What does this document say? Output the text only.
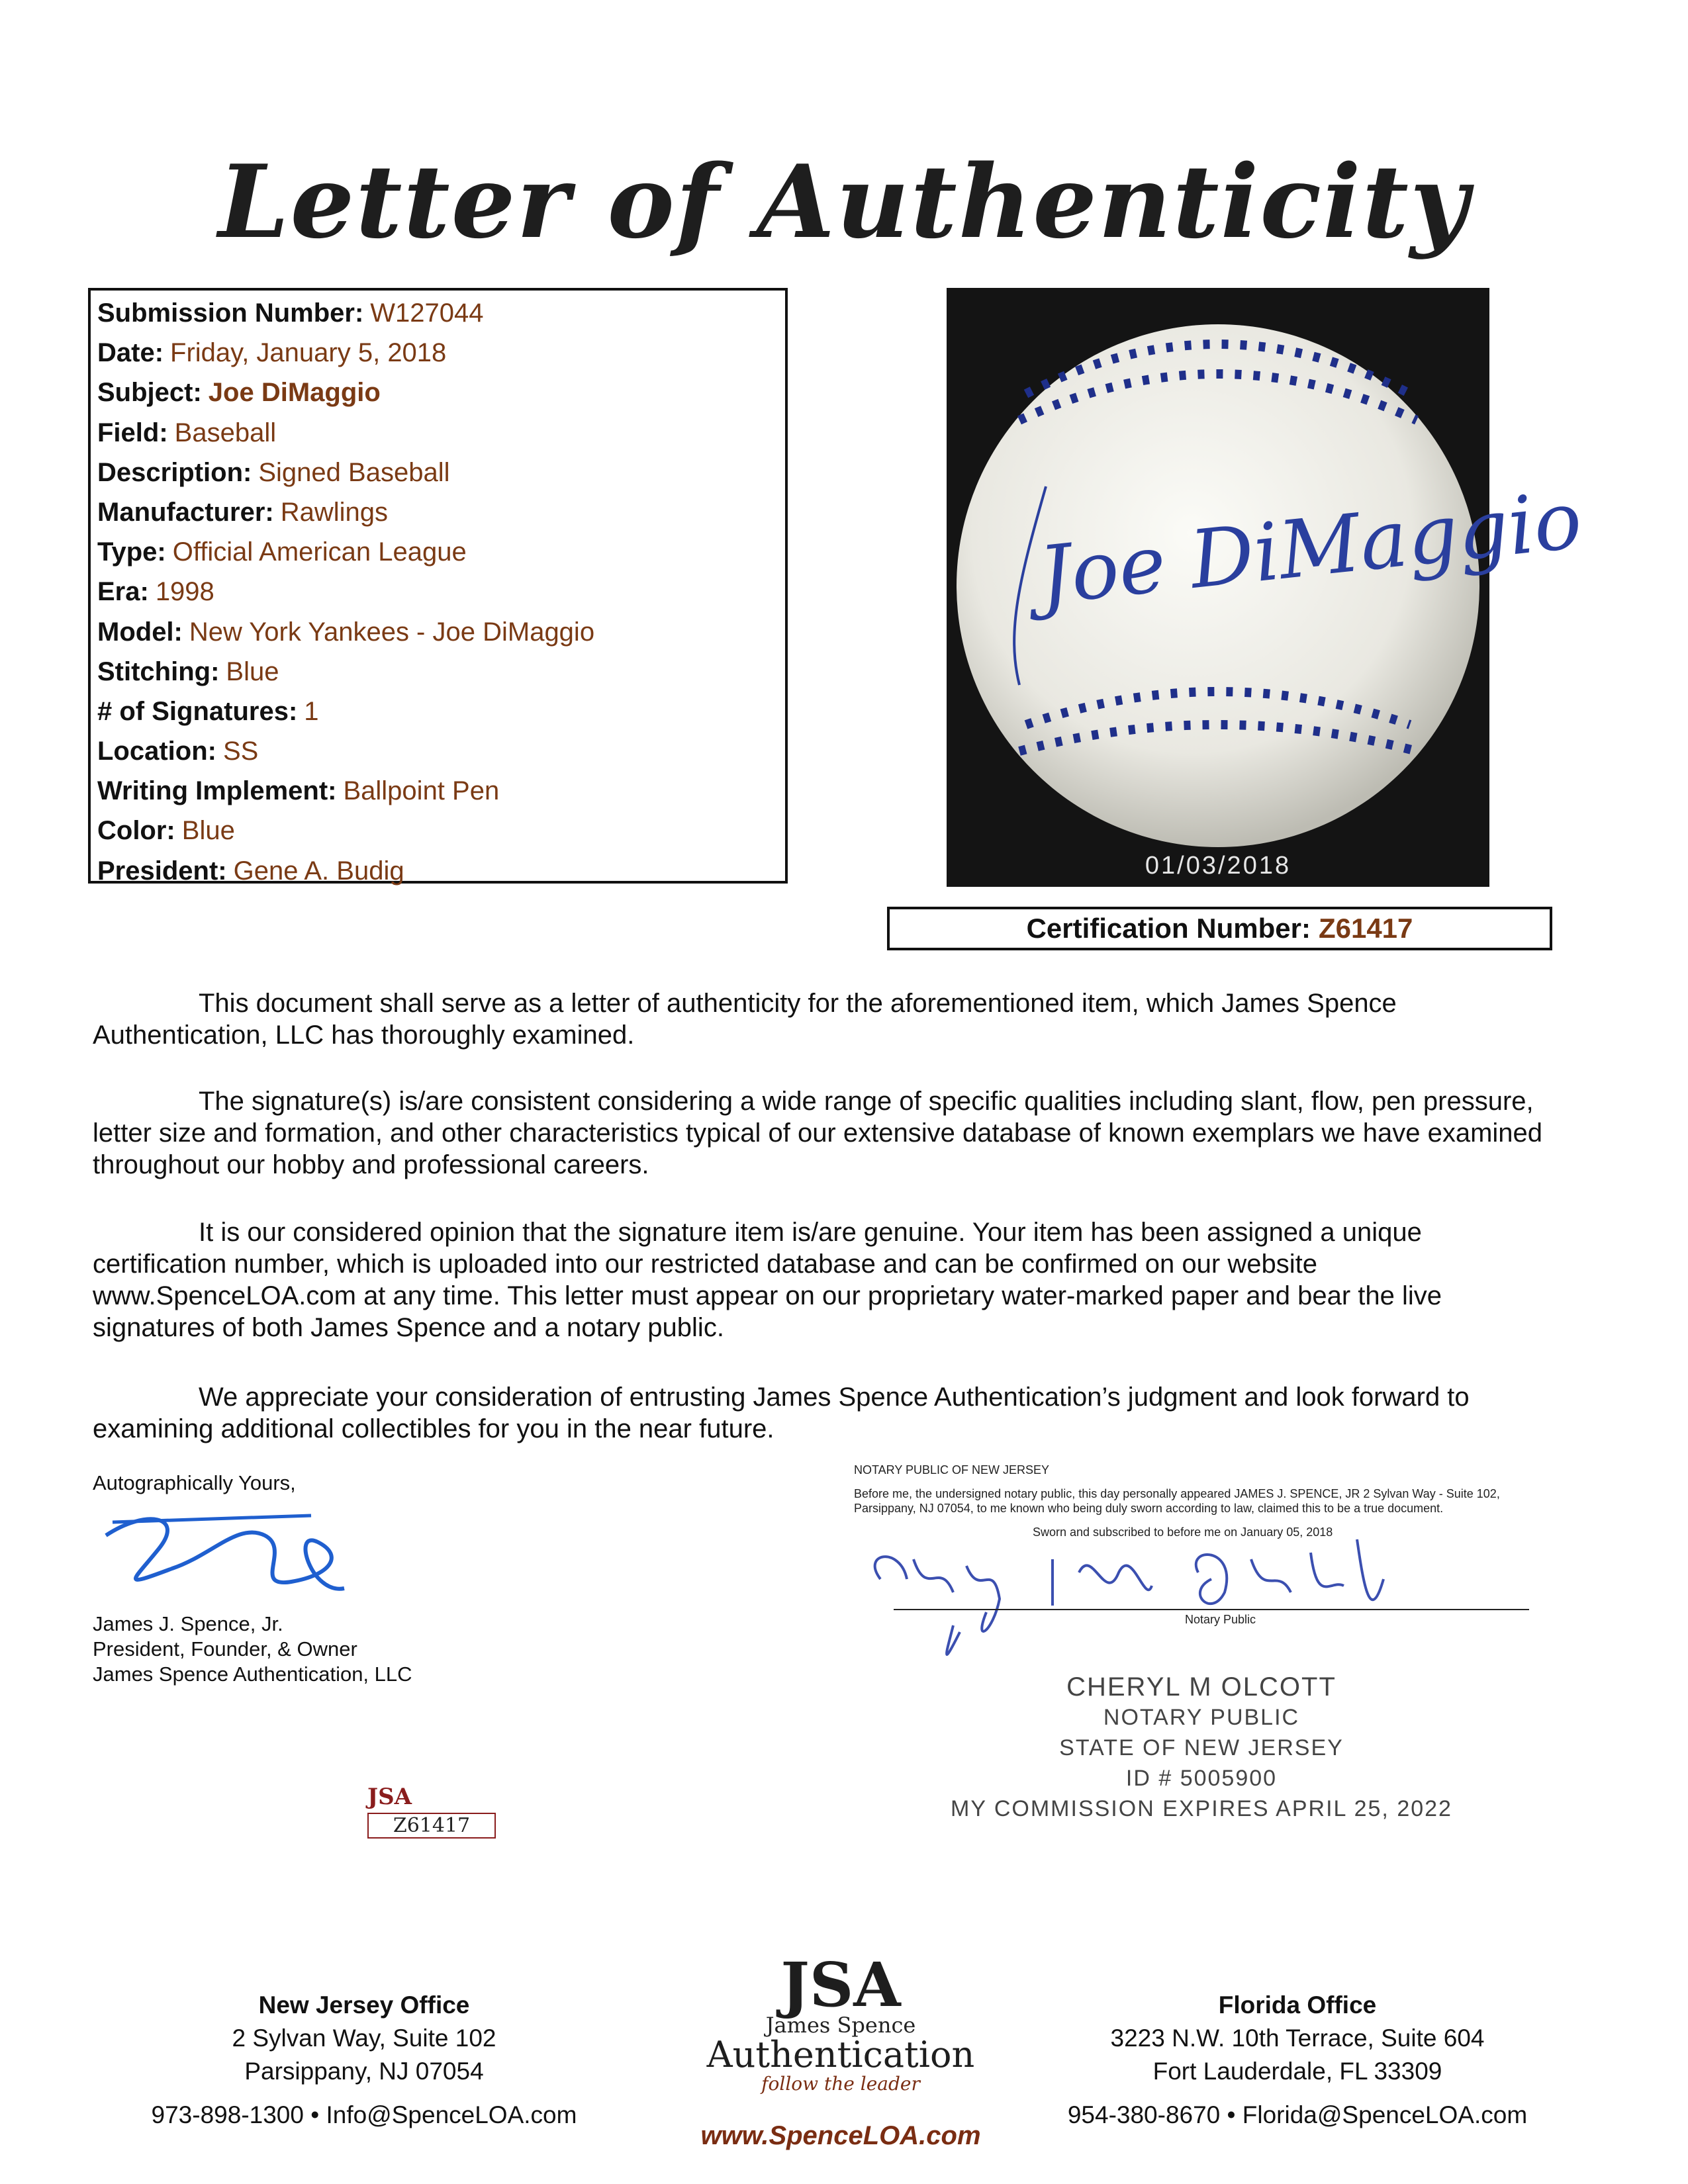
Letter of Authenticity
Submission Number: W127044
Date: Friday, January 5, 2018
Subject: Joe DiMaggio
Field: Baseball
Description: Signed Baseball
Manufacturer: Rawlings
Type: Official American League
Era: 1998
Model: New York Yankees - Joe DiMaggio
Stitching: Blue
# of Signatures: 1
Location: SS
Writing Implement: Ballpoint Pen
Color: Blue
President: Gene A. Budig
Joe DiMaggio
01/03/2018
Certification Number: Z61417

This document shall serve as a letter of authenticity for the aforementioned item, which James Spence Authentication, LLC has thoroughly examined.

The signature(s) is/are consistent considering a wide range of specific qualities including slant, flow, pen pressure, letter size and formation, and other characteristics typical of our extensive database of known exemplars we have examined throughout our hobby and professional careers.

It is our considered opinion that the signature item is/are genuine. Your item has been assigned a unique certification number, which is uploaded into our restricted database and can be confirmed on our website www.SpenceLOA.com at any time. This letter must appear on our proprietary water-marked paper and bear the live signatures of both James Spence and a notary public.

We appreciate your consideration of entrusting James Spence Authentication’s judgment and look forward to examining additional collectibles for you in the near future.

Autographically Yours,

James J. Spence, Jr.

President, Founder, & Owner

James Spence Authentication, LLC

JSA
Z61417

NOTARY PUBLIC OF NEW JERSEY

Before me, the undersigned notary public, this day personally appeared JAMES J. SPENCE, JR 2 Sylvan Way - Suite 102, Parsippany, NJ 07054, to me known who being duly sworn according to law, claimed this to be a true document.

Sworn and subscribed to before me on January 05, 2018

Notary Public

CHERYL M OLCOTT
NOTARY PUBLIC
STATE OF NEW JERSEY
ID # 5005900
MY COMMISSION EXPIRES APRIL 25, 2022
New Jersey Office
2 Sylvan Way, Suite 102
Parsippany, NJ 07054
973-898-1300 • Info@SpenceLOA.com
JSA
James Spence
Authentication
follow the leader
www.SpenceLOA.com
Florida Office
3223 N.W. 10th Terrace, Suite 604
Fort Lauderdale, FL 33309
954-380-8670 • Florida@SpenceLOA.com
